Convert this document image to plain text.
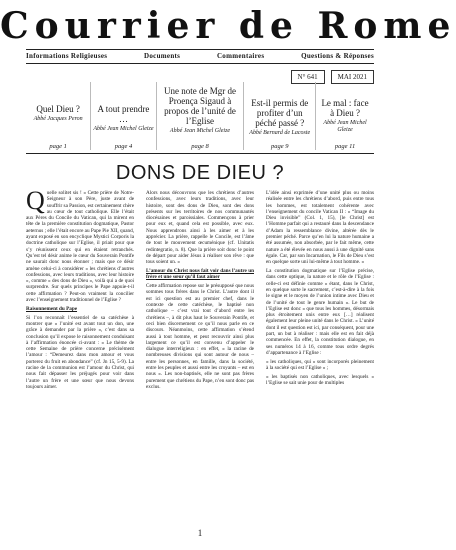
Courrier de Rome
Informations Religieuses	Documents	Commentaires	Questions & Réponses
N° 641	MAI 2021
Quel Dieu ?
Abbé Jacques Peron
page 1
A tout prendre …
Abbé Jean Michel Gleize
page 4
Une note de Mgr de Proença Sigaud à propos de l’unité de l’Eglise
Abbé Jean Michel Gleize
page 8
Est-il permis de profiter d’un péché passé ?
Abbé Bernard de Lacoste
page 9
Le mal : face à Dieu ?
Abbé Jean Michel Gleize
page 11
DONS DE DIEU ?

Quelle solitet sis ! « Cette prière de Notre-Seigneur à son Père, juste avant de souffrir sa Passion, est certainement chère au cœur de tout catholique. Elle l’était aux Pères du Concile du Vatican, qui la mirent en tête de la première constitution dogmatique, Pastor aeternus ; elle l’était encore au Pape Pie XII, quand, ayant exposé en son encyclique Mystici Corporis la doctrine catholique sur l’Eglise, il priait pour que s’y réunissent ceux qui en étaient retranchés. Qu’est tel désir anime le cœur du Souverain Pontife ne saurait donc nous étonner ; mais que ce désir amène celui-ci à considérer « les chrétiens d’autres confessions, avec leurs traditions, avec leur histoire », comme « des dons de Dieu », voilà qui a de quoi surprendre. Sur quels principes le Pape appuie-t-il cette affirmation ? Peut-on vraiment la concilier avec l’enseignement traditionnel de l’Eglise ?

Raisonnement du Pape

Si l’on reconnaît l’essentiel de sa catéchèse à montrer que « l’unité est avant tout un don, une grâce à demander par la prière », c’est dans sa conclusion qu’il expose le raisonnement conduisant à l’affirmation énoncée ci-avant : « Le thème de cette Semaine de prière concerne précisément l’amour : “Demeurez dans mon amour et vous porterez du fruit en abondance” (cf. Jn 15, 5-9). La racine de la communion est l’amour du Christ, qui nous fait dépasser les préjugés pour voir dans l’autre un frère et une sœur que nous devons toujours aimer.

Alors nous découvrons que les chrétiens d’autres confessions, avec leurs traditions, avec leur histoire, sont des dons de Dieu, sont des dons présents sur les territoires de nos communautés diocésaines et paroissiales. Commençons à prier pour eux et, quand cela est possible, avec eux. Nous apprendrons ainsi à les aimer et à les apprécier. La prière, rappelle le Concile, est l’âme de tout le mouvement œcuménique (cf. Unitatis redintegratio, n. 8). Que la prière soit donc le point de départ pour aider Jésus à réaliser son rêve : que tous soient un. »

L’amour du Christ nous fait voir dans l’autre un frère et une sœur qu’il faut aimer

Cette affirmation repose sur le présupposé que nous sommes tous frères dans le Christ. L’autre dont il est ici question est au premier chef, dans le contexte de cette catéchèse, le baptisé non catholique – c’est vrai tout d’abord entre les chrétiens –, à dit plus haut le Souverain Pontife, et ceci bien discernement ce qu’il nous parle en ce discours. Néanmoins, cette affirmation s’étend aussi à tout homme, et peut recouvrir ainsi plus largement ce qu’il est convenu d’appeler le dialogue interreligieux : en effet, « la racine de nombreuses divisions qui sont autour de nous – entre les personnes, en famille, dans la société, entre les peuples et aussi entre les croyants – est en nous ». Les non-baptisés, elle ne sont pas frères purement que chrétiens du Pape, n’en sont donc pas exclus.

L’idée ainsi exprimée d’une unité plus ou moins réalisée entre les chrétiens d’abord, puis entre tous les hommes, est totalement cohérente avec l’enseignement du concile Vatican II : « “Image du Dieu invisible” (Col. 1, 15), [le Christ] est l’Homme parfait qui a restauré dans la descendance d’Adam la ressemblance divine, altérée dès le premier péché. Parce qu’en lui la nature humaine a été assumée, non absorbée, par le fait même, cette nature a été élevée en nous aussi à une dignité sans égale. Car, par son Incarnation, le Fils de Dieu s’est en quelque sorte uni lui-même à tout homme. »

La constitution dogmatique sur l’Eglise précise, dans cette optique, la nature et le rôle de l’Eglise : celle-ci est définie comme « étant, dans le Christ, en quelque sorte le sacrement, c’est-à-dire à la fois le signe et le moyen de l’union intime avec Dieu et de l’unité de tout le genre humain ». Le but de l’Eglise est donc « que tous les hommes, désormais plus étroitement unis entre eux […] réalisent également leur pleine unité dans le Christ. » L’unité dont il est question est ici, par conséquent, pour une part, un but à réaliser : mais elle est en fait déjà commencée. En effet, la constitution dialogue, en ses numéros 14 à 16, comme tous ordre degrés d’appartenance à l’Eglise :

« les catholiques, qui « sont incorporés pleinement à la société qui est l’Eglise » ;

« les baptisés non catholiques, avec lesquels « l’Eglise se sait unie pour de multiples

1
